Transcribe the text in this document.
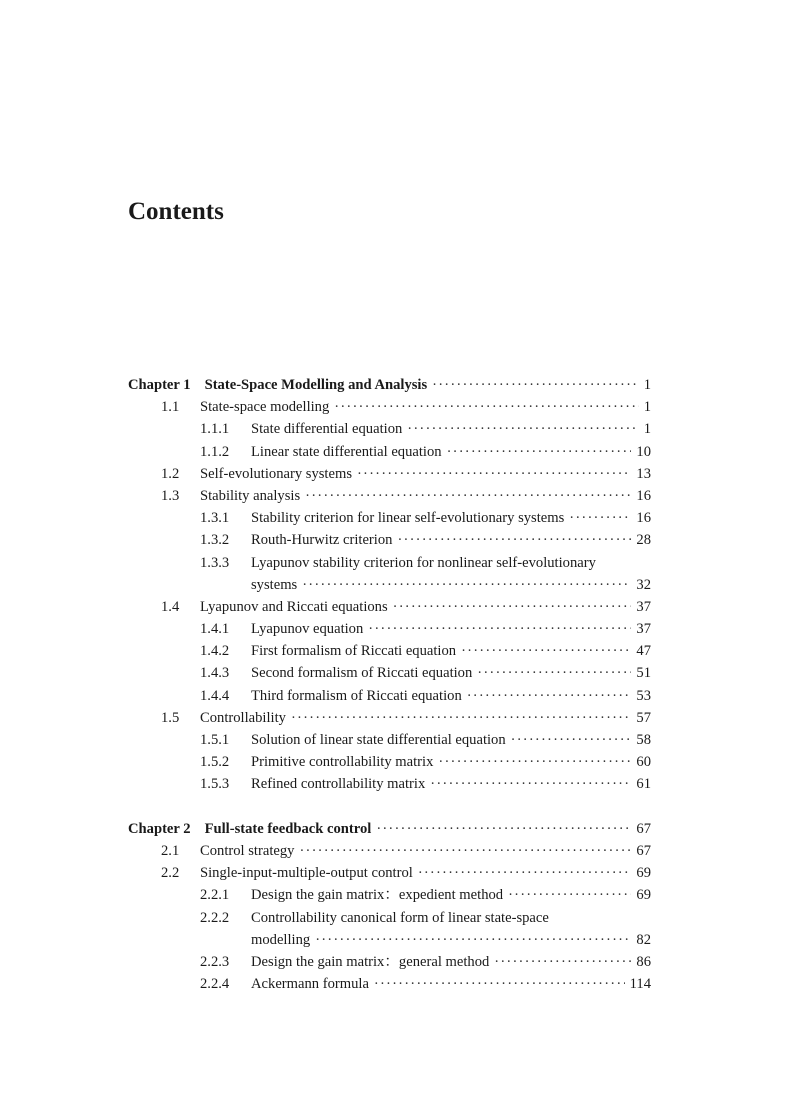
Contents
Chapter 1 State-Space Modelling and Analysis ·····	1
1.1	State-space modelling ·····	1
1.1.1	State differential equation ·····	1
1.1.2	Linear state differential equation ·····	10
1.2	Self-evolutionary systems ·····	13
1.3	Stability analysis ·····	16
1.3.1	Stability criterion for linear self-evolutionary systems ·····	16
1.3.2	Routh-Hurwitz criterion ·····	28
1.3.3	Lyapunov stability criterion for nonlinear self-evolutionary
systems ·····	32
1.4	Lyapunov and Riccati equations ·····	37
1.4.1	Lyapunov equation ·····	37
1.4.2	First formalism of Riccati equation ·····	47
1.4.3	Second formalism of Riccati equation ·····	51
1.4.4	Third formalism of Riccati equation ·····	53
1.5	Controllability ·····	57
1.5.1	Solution of linear state differential equation ·····	58
1.5.2	Primitive controllability matrix ·····	60
1.5.3	Refined controllability matrix ·····	61
Chapter 2 Full-state feedback control ·····	67
2.1	Control strategy ·····	67
2.2	Single-input-multiple-output control ·····	69
2.2.1	Design the gain matrix：expedient method ·····	69
2.2.2	Controllability canonical form of linear state-space
modelling ·····	82
2.2.3	Design the gain matrix：general method ·····	86
2.2.4	Ackermann formula ·····	114
